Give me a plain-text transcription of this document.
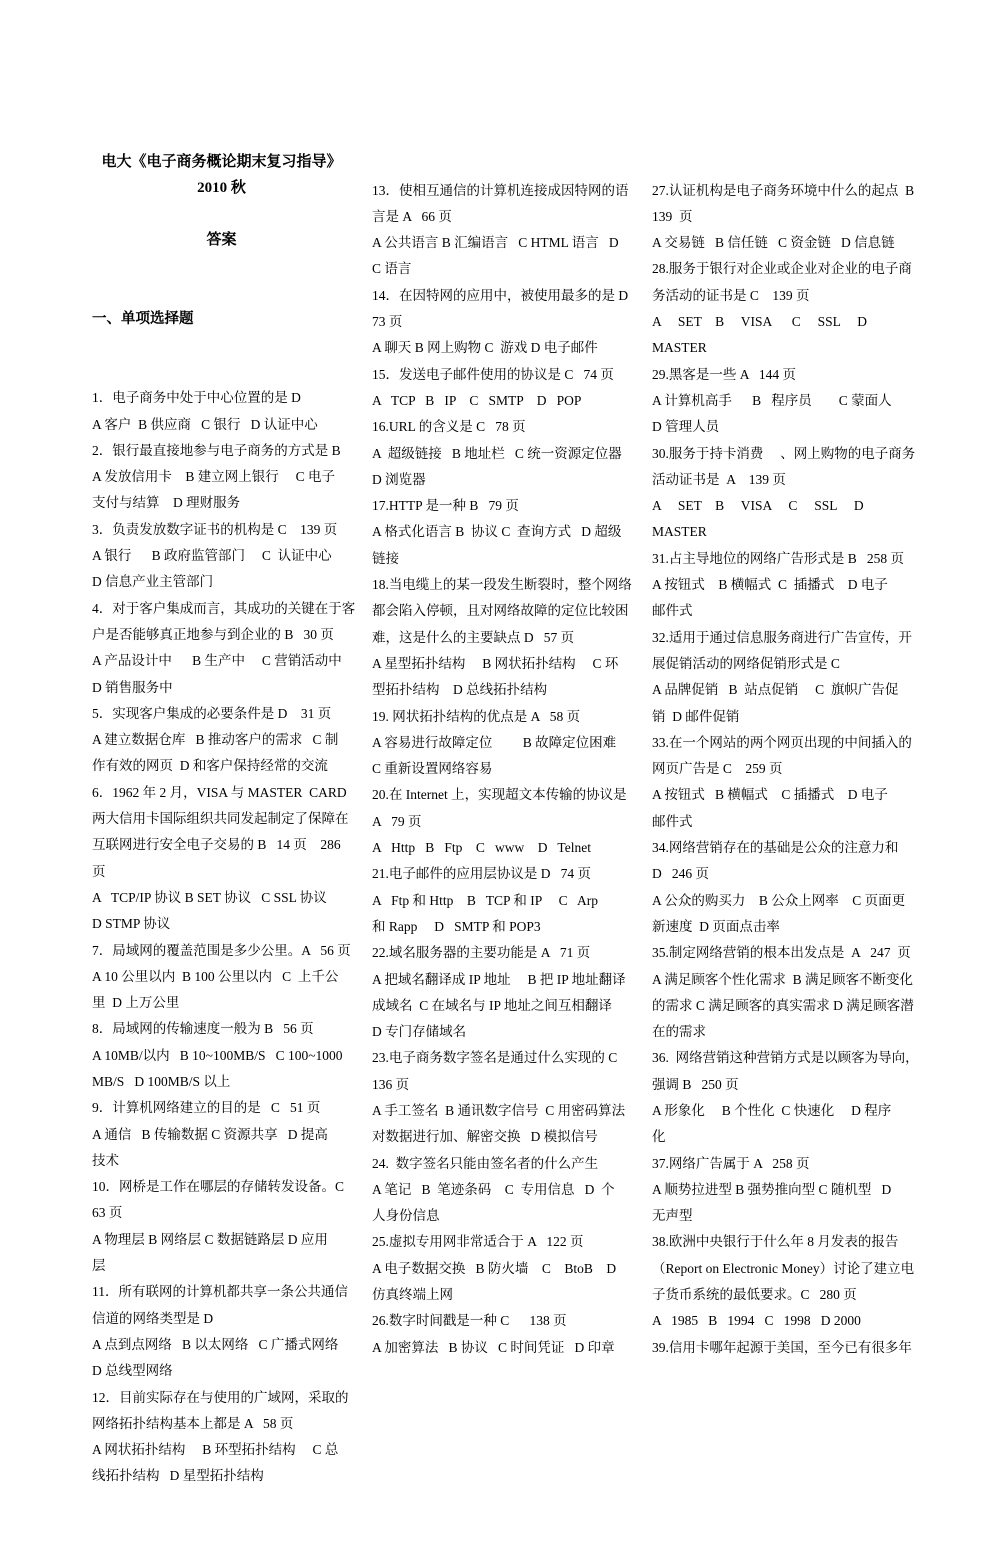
电大《电子商务概论期末复习指导》2010 秋

答案

一、单项选择题

1．电子商务中处于中心位置的是 D
A 客户  B 供应商   C 银行   D 认证中心
2．银行最直接地参与电子商务的方式是 B
A 发放信用卡    B 建立网上银行     C 电子
支付与结算    D 理财服务
3．负责发放数字证书的机构是 C    139 页
A 银行      B 政府监管部门     C  认证中心
D 信息产业主管部门
4．对于客户集成而言，其成功的关键在于客
户是否能够真正地参与到企业的 B   30 页
A 产品设计中      B 生产中     C 营销活动中
D 销售服务中
5．实现客户集成的必要条件是 D    31 页
A 建立数据仓库   B 推动客户的需求   C 制
作有效的网页  D 和客户保持经常的交流
6．1962 年 2 月，VISA 与 MASTER  CARD
两大信用卡国际组织共同发起制定了保障在
互联网进行安全电子交易的 B   14 页    286
页
A   TCP/IP 协议 B SET 协议   C SSL 协议
D STMP 协议
7．局域网的覆盖范围是多少公里。A   56 页
A 10 公里以内  B 100 公里以内   C  上千公
里  D 上万公里
8．局域网的传输速度一般为 B   56 页
A 10MB/以内   B 10~100MB/S   C 100~1000
MB/S   D 100MB/S 以上
9．计算机网络建立的目的是   C   51 页
A 通信   B 传输数据 C 资源共享   D 提高
技术
10．网桥是工作在哪层的存储转发设备。C
63 页
A 物理层 B 网络层 C 数据链路层 D 应用
层
11．所有联网的计算机都共享一条公共通信
信道的网络类型是 D
A 点到点网络   B 以太网络   C 广播式网络
D 总线型网络
12．目前实际存在与使用的广域网，采取的
网络拓扑结构基本上都是 A   58 页
A 网状拓扑结构     B 环型拓扑结构     C 总
线拓扑结构   D 星型拓扑结构

13．使相互通信的计算机连接成因特网的语
言是 A   66 页
A 公共语言 B 汇编语言   C HTML 语言   D
C 语言
14．在因特网的应用中，被使用最多的是 D
73 页
A 聊天 B 网上购物 C  游戏 D 电子邮件
15．发送电子邮件使用的协议是 C   74 页
A   TCP   B   IP    C   SMTP    D   POP
16.URL 的含义是 C   78 页
A  超级链接   B 地址栏   C 统一资源定位器
D 浏览器
17.HTTP 是一种 B   79 页
A 格式化语言 B  协议 C  查询方式   D 超级
链接
18.当电缆上的某一段发生断裂时，整个网络
都会陷入停顿，且对网络故障的定位比较困
难，这是什么的主要缺点 D   57 页
A 星型拓扑结构     B 网状拓扑结构     C 环
型拓扑结构    D 总线拓扑结构
19. 网状拓扑结构的优点是 A   58 页
A 容易进行故障定位         B 故障定位困难
C 重新设置网络容易
20.在 Internet 上，实现超文本传输的协议是
A   79 页
A   Http   B   Ftp    C   www    D   Telnet
21.电子邮件的应用层协议是 D   74 页
A   Ftp 和 Http    B   TCP 和 IP     C   Arp
和 Rapp     D   SMTP 和 POP3
22.域名服务器的主要功能是 A   71 页
A 把域名翻译成 IP 地址     B 把 IP 地址翻译
成域名  C 在域名与 IP 地址之间互相翻译
D 专门存储域名
23.电子商务数字签名是通过什么实现的 C
136 页
A 手工签名  B 通讯数字信号  C 用密码算法
对数据进行加、解密交换   D 模拟信号
24.  数字签名只能由签名者的什么产生
A 笔记   B  笔迹条码    C  专用信息   D  个
人身份信息
25.虚拟专用网非常适合于 A   122 页
A 电子数据交换   B 防火墙    C    BtoB    D
仿真终端上网
26.数字时间戳是一种 C      138 页
A 加密算法   B 协议   C 时间凭证   D 印章

27.认证机构是电子商务环境中什么的起点  B
139  页
A 交易链   B 信任链   C 资金链   D 信息链
28.服务于银行对企业或企业对企业的电子商
务活动的证书是 C    139 页
A     SET    B     VISA      C     SSL     D
MASTER
29.黑客是一些 A   144 页
A 计算机高手      B   程序员        C 蒙面人
D 管理人员
30.服务于持卡消费     、网上购物的电子商务
活动证书是  A    139 页
A     SET    B     VISA     C     SSL     D
MASTER
31.占主导地位的网络广告形式是 B   258 页
A 按钮式    B 横幅式  C  插播式    D 电子
邮件式
32.适用于通过信息服务商进行广告宣传，开
展促销活动的网络促销形式是 C
A 品牌促销   B  站点促销     C  旗帜广告促
销  D 邮件促销
33.在一个网站的两个网页出现的中间插入的
网页广告是 C    259 页
A 按钮式   B 横幅式    C 插播式    D 电子
邮件式
34.网络营销存在的基础是公众的注意力和
D   246 页
A 公众的购买力    B 公众上网率    C 页面更
新速度  D 页面点击率
35.制定网络营销的根本出发点是  A   247  页
A 满足顾客个性化需求  B 满足顾客不断变化
的需求 C 满足顾客的真实需求 D 满足顾客潜
在的需求
36.  网络营销这种营销方式是以顾客为导向，
强调 B   250 页
A 形象化     B 个性化  C 快速化     D 程序
化
37.网络广告属于 A   258 页
A 顺势拉进型 B 强势推向型 C 随机型   D
无声型
38.欧洲中央银行于什么年 8 月发表的报告
（Report on Electronic Money）讨论了建立电
子货币系统的最低要求。C   280 页
A   1985   B   1994   C   1998   D 2000
39.信用卡哪年起源于美国，至今已有很多年
